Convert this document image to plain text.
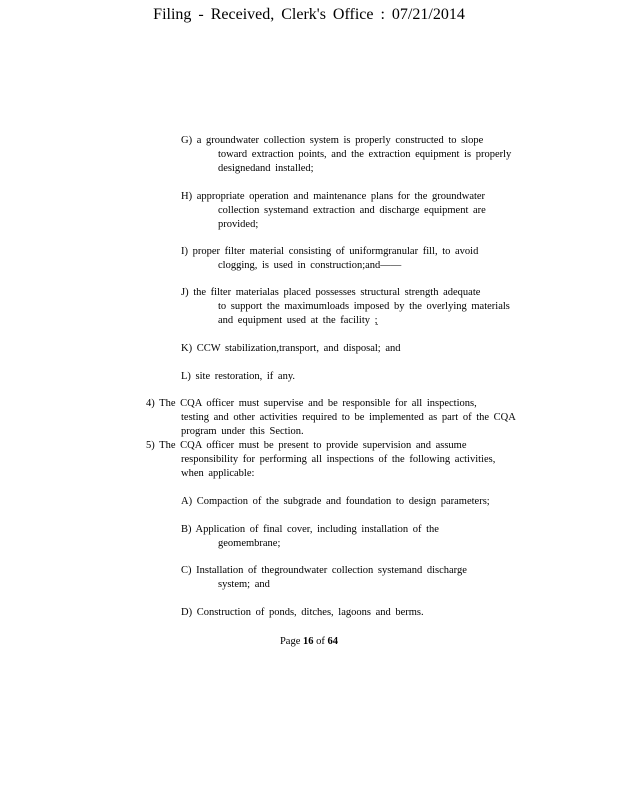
Filing - Received, Clerk's Office : 07/21/2014
G) a groundwater collection system is properly constructed to slope
toward extraction points, and the extraction equipment is properly
designedand installed;
H) appropriate operation and maintenance plans for the groundwater
collection systemand extraction and discharge equipment are
provided;
I) proper filter material consisting of uniformgranular fill, to avoid
clogging, is used in construction;and——
J) the filter materialas placed possesses structural strength adequate
to support the maximumloads imposed by the overlying materials
and equipment used at the facility ;
K) CCW stabilization,transport, and disposal; and
L) site restoration, if any.
4) The CQA officer must supervise and be responsible for all inspections,
testing and other activities required to be implemented as part of the CQA
program under this Section.
5) The CQA officer must be present to provide supervision and assume
responsibility for performing all inspections of the following activities,
when applicable:
A) Compaction of the subgrade and foundation to design parameters;
B) Application of final cover, including installation of the
geomembrane;
C) Installation of thegroundwater collection systemand discharge
system; and
D) Construction of ponds, ditches, lagoons and berms.
Page 16 of 64
